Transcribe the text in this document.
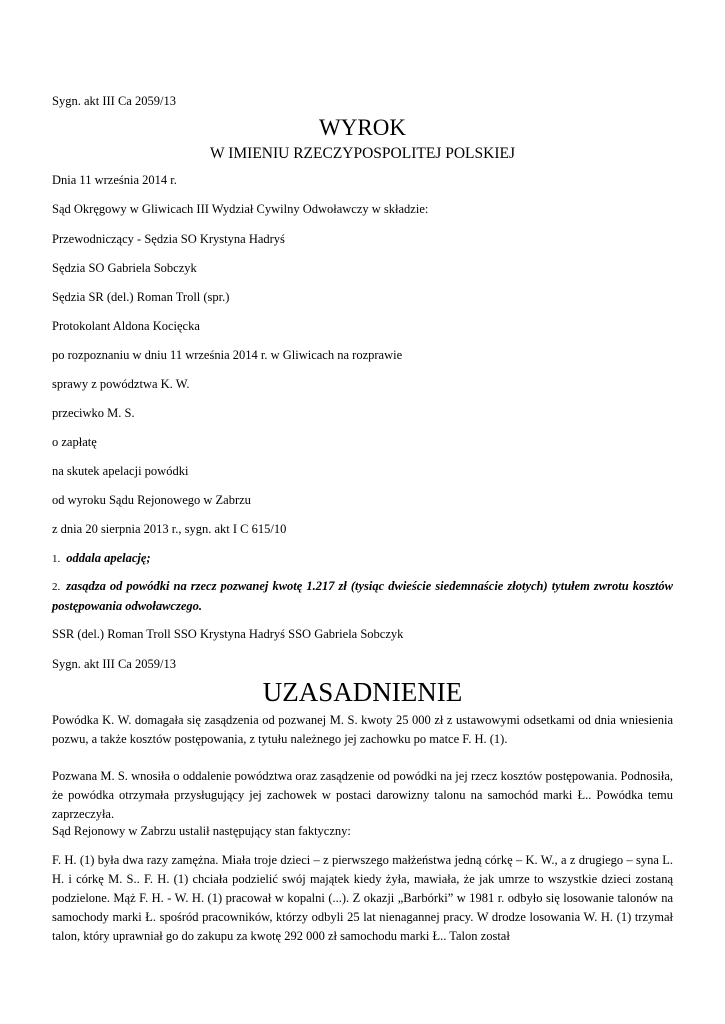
Sygn. akt III Ca 2059/13
WYROK
W IMIENIU RZECZYPOSPOLITEJ POLSKIEJ
Dnia 11 września 2014 r.
Sąd Okręgowy w Gliwicach III Wydział Cywilny Odwoławczy w składzie:
Przewodniczący - Sędzia SO Krystyna Hadryś
Sędzia SO Gabriela Sobczyk
Sędzia SR (del.) Roman Troll (spr.)
Protokolant Aldona Kocięcka
po rozpoznaniu w dniu 11 września 2014 r. w Gliwicach na rozprawie
sprawy z powództwa K. W.
przeciwko M. S.
o zapłatę
na skutek apelacji powódki
od wyroku Sądu Rejonowego w Zabrzu
z dnia 20 sierpnia 2013 r., sygn. akt I C 615/10
1. oddala apelację;
2. zasądza od powódki na rzecz pozwanej kwotę 1.217 zł (tysiąc dwieście siedemnaście złotych) tytułem zwrotu kosztów postępowania odwoławczego.
SSR (del.) Roman Troll SSO Krystyna Hadryś SSO Gabriela Sobczyk
Sygn. akt III Ca 2059/13
UZASADNIENIE
Powódka K. W. domagała się zasądzenia od pozwanej M. S. kwoty 25 000 zł z ustawowymi odsetkami od dnia wniesienia pozwu, a także kosztów postępowania, z tytułu należnego jej zachowku po matce F. H. (1).
Pozwana M. S. wnosiła o oddalenie powództwa oraz zasądzenie od powódki na jej rzecz kosztów postępowania. Podnosiła, że powódka otrzymała przysługujący jej zachowek w postaci darowizny talonu na samochód marki Ł.. Powódka temu zaprzeczyła.
Sąd Rejonowy w Zabrzu ustalił następujący stan faktyczny:
F. H. (1) była dwa razy zamężna. Miała troje dzieci – z pierwszego małżeństwa jedną córkę – K. W., a z drugiego – syna L. H. i córkę M. S.. F. H. (1) chciała podzielić swój majątek kiedy żyła, mawiała, że jak umrze to wszystkie dzieci zostaną podzielone. Mąż F. H. - W. H. (1) pracował w kopalni (...). Z okazji „Barbórki” w 1981 r. odbyło się losowanie talonów na samochody marki Ł. spośród pracowników, którzy odbyli 25 lat nienagannej pracy. W drodze losowania W. H. (1) trzymał talon, który uprawniał go do zakupu za kwotę 292 000 zł samochodu marki Ł.. Talon został
